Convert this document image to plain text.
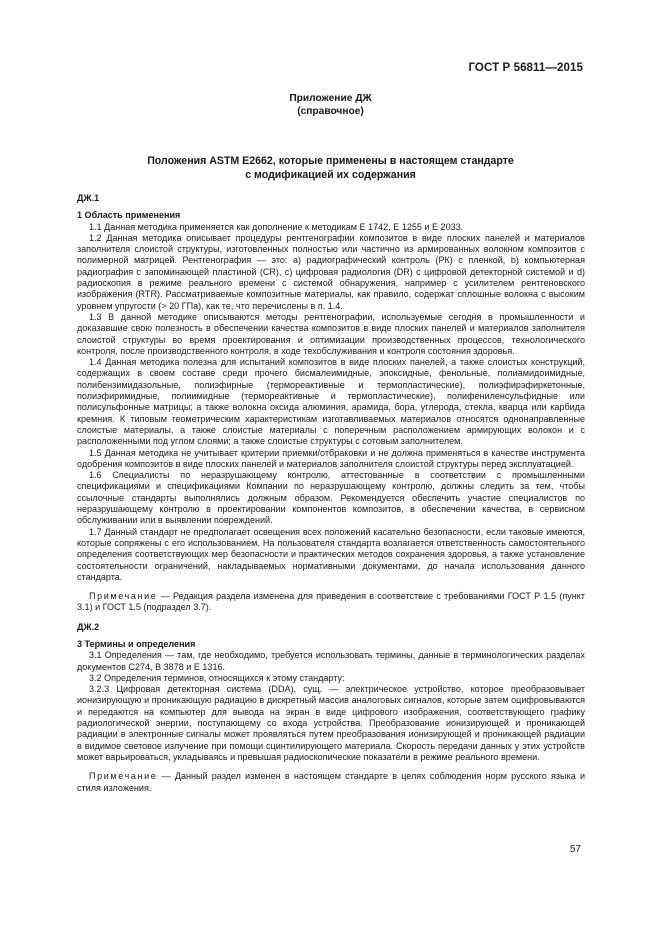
ГОСТ Р 56811—2015
Приложение ДЖ
(справочное)
Положения ASTM E2662, которые применены в настоящем стандарте
с модификацией их содержания

ДЖ.1

1 Область применения

1.1 Данная методика применяется как дополнение к методикам E 1742, E 1255 и E 2033.

1.2 Данная методика описывает процедуры рентгенографии композитов в виде плоских панелей и материалов заполнителя слоистой структуры, изготовленных полностью или частично из армированных волокном композитов с полимерной матрицей. Рентгенография — это: а) радиографический контроль (РК) с пленкой, b) компьютерная радиография с запоминающей пластиной (CR), с) цифровая радиология (DR) с цифровой детекторной системой и d) радиоскопия в режиме реального времени с системой обнаружения, например с усилителем рентгеновского изображения (RTR). Рассматриваемые композитные материалы, как правило, содержат сплошные волокна с высоким уровнем упругости (> 20 ГПа), как те, что перечислены в п. 1.4.

1.3 В данной методике описываются методы рентгенографии, используемые сегодня в промышленности и доказавшие свою полезность в обеспечении качества композитов в виде плоских панелей и материалов заполнителя слоистой структуры во время проектирования и оптимизации производственных процессов, технологического контроля, после производственного контроля, в ходе техобслуживания и контроля состояния здоровья.

1.4 Данная методика полезна для испытаний композитов в виде плоских панелей, а также слоистых конструкций, содержащих в своем составе среди прочего бисмалеимидные, эпоксидные, фенольные, полиамидоимидные, полибензимидазольные, полиэфирные (термореактивные и термопластические), полиэфирэфиркетонные, полиэфиримидные, полиимидные (термореактивные и термопластические), полифениленсульфидные или полисульфонные матрицы; а также волокна оксида алюминия, арамида, бора, углерода, стекла, кварца или карбида кремния. К типовым геометрическим характеристикам изготавливаемых материалов относятся однонаправленные слоистые материалы, а также слоистые материалы с поперечным расположением армирующих волокон и с расположенными под углом слоями; а также слоистые структуры с сотовым заполнителем.

1.5 Данная методика не учитывает критерии приемки/отбраковки и не должна применяться в качестве инструмента одобрения композитов в виде плоских панелей и материалов заполнителя слоистой структуры перед эксплуатацией.

1.6 Специалисты по неразрушающему контролю, аттестованные в соответствии с промышленными спецификациями и спецификациями Компании по неразрушающему контролю, должны следить за тем, чтобы ссылочные стандарты выполнялись должным образом. Рекомендуется обеспечить участие специалистов по неразрушающему контролю в проектировании компонентов композитов, в обеспечении качества, в сервисном обслуживании или в выявлении повреждений.

1.7 Данный стандарт не предполагает освещения всех положений касательно безопасности, если таковые имеются, которые сопряжены с его использованием. На пользователя стандарта возлагается ответственность самостоятельного определения соответствующих мер безопасности и практических методов сохранения здоровья, а также установление состоятельности ограничений, накладываемых нормативными документами, до начала использования данного стандарта.

Примечание — Редакция раздела изменена для приведения в соответствие с требованиями ГОСТ Р 1.5 (пункт 3.1) и ГОСТ 1.5 (подраздел 3.7).

ДЖ.2

3 Термины и определения

3.1 Определения — там, где необходимо, требуется использовать термины, данные в терминологических разделах документов С274, В 3878 и Е 1316.

3.2 Определения терминов, относящихся к этому стандарту:

3.2.3 Цифровая детекторная система (DDA), сущ. — электрическое устройство, которое преобразовывает ионизирующую и проникающую радиацию в дискретный массив аналоговых сигналов, которые затем оцифровываются и передаются на компьютер для вывода на экран в виде цифрового изображения, соответствующего графику радиологической энергии, поступающему со входа устройства. Преобразование ионизирующей и проникающей радиации в электронные сигналы может проявляться путем преобразования ионизирующей и проникающей радиации в видимое световое излучение при помощи сцинтилирующего материала. Скорость передачи данных у этих устройств может варьироваться, укладываясь и превышая радиоскопические показатели в режиме реального времени.

Примечание — Данный раздел изменен в настоящем стандарте в целях соблюдения норм русского языка и стиля изложения.

57
